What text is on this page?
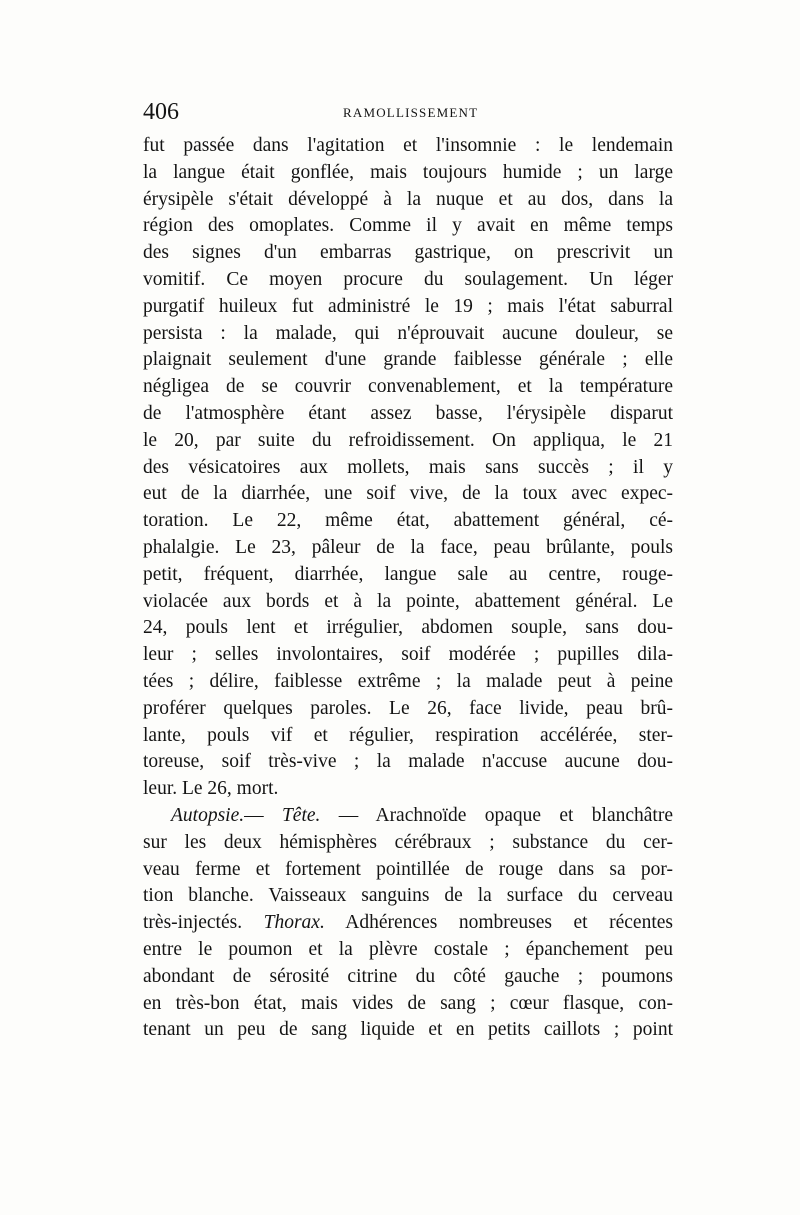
406	RAMOLLISSEMENT
fut passée dans l'agitation et l'insomnie : le lendemain
la langue était gonflée, mais toujours humide ; un large
érysipèle s'était développé à la nuque et au dos, dans la
région des omoplates. Comme il y avait en même temps
des signes d'un embarras gastrique, on prescrivit un
vomitif. Ce moyen procure du soulagement. Un léger
purgatif huileux fut administré le 19 ; mais l'état saburral
persista : la malade, qui n'éprouvait aucune douleur, se
plaignait seulement d'une grande faiblesse générale ; elle
négligea de se couvrir convenablement, et la température
de l'atmosphère étant assez basse, l'érysipèle disparut
le 20, par suite du refroidissement. On appliqua, le 21
des vésicatoires aux mollets, mais sans succès ; il y
eut de la diarrhée, une soif vive, de la toux avec expec-
toration. Le 22, même état, abattement général, cé-
phalalgie. Le 23, pâleur de la face, peau brûlante, pouls
petit, fréquent, diarrhée, langue sale au centre, rouge-
violacée aux bords et à la pointe, abattement général. Le
24, pouls lent et irrégulier, abdomen souple, sans dou-
leur ; selles involontaires, soif modérée ; pupilles dila-
tées ; délire, faiblesse extrême ; la malade peut à peine
proférer quelques paroles. Le 26, face livide, peau brû-
lante, pouls vif et régulier, respiration accélérée, ster-
toreuse, soif très-vive ; la malade n'accuse aucune dou-
leur. Le 26, mort.
Autopsie.— Tête. — Arachnoïde opaque et blanchâtre
sur les deux hémisphères cérébraux ; substance du cer-
veau ferme et fortement pointillée de rouge dans sa por-
tion blanche. Vaisseaux sanguins de la surface du cerveau
très-injectés. Thorax. Adhérences nombreuses et récentes
entre le poumon et la plèvre costale ; épanchement peu
abondant de sérosité citrine du côté gauche ; poumons
en très-bon état, mais vides de sang ; cœur flasque, con-
tenant un peu de sang liquide et en petits caillots ; point
